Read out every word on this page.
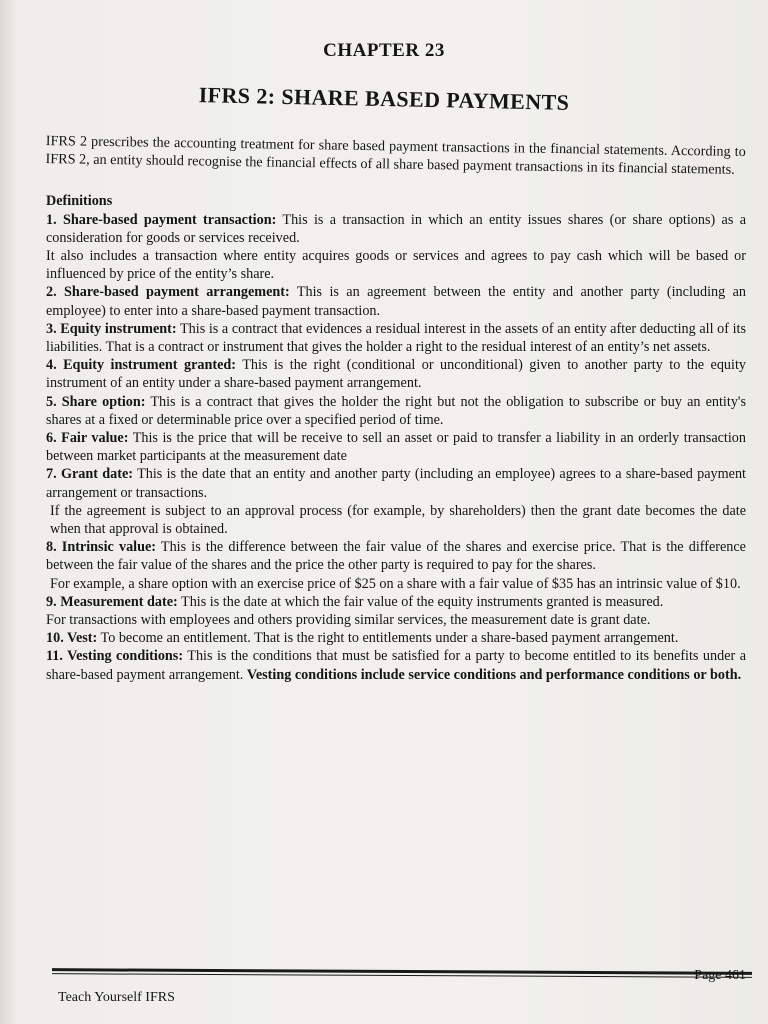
CHAPTER 23
IFRS 2: SHARE BASED PAYMENTS

IFRS 2 prescribes the accounting treatment for share based payment transactions in the financial statements. According to IFRS 2, an entity should recognise the financial effects of all share based payment transactions in its financial statements.

Definitions

1. Share-based payment transaction: This is a transaction in which an entity issues shares (or share options) as a consideration for goods or services received.

It also includes a transaction where entity acquires goods or services and agrees to pay cash which will be based or influenced by price of the entity’s share.

2. Share-based payment arrangement: This is an agreement between the entity and another party (including an employee) to enter into a share-based payment transaction.

3. Equity instrument: This is a contract that evidences a residual interest in the assets of an entity after deducting all of its liabilities. That is a contract or instrument that gives the holder a right to the residual interest of an entity’s net assets.

4. Equity instrument granted: This is the right (conditional or unconditional) given to another party to the equity instrument of an entity under a share-based payment arrangement.

5. Share option: This is a contract that gives the holder the right but not the obligation to subscribe or buy an entity's shares at a fixed or determinable price over a specified period of time.

6. Fair value: This is the price that will be receive to sell an asset or paid to transfer a liability in an orderly transaction between market participants at the measurement date

7. Grant date: This is the date that an entity and another party (including an employee) agrees to a share-based payment arrangement or transactions.

If the agreement is subject to an approval process (for example, by shareholders) then the grant date becomes the date when that approval is obtained.

8. Intrinsic value: This is the difference between the fair value of the shares and exercise price. That is the difference between the fair value of the shares and the price the other party is required to pay for the shares.

For example, a share option with an exercise price of $25 on a share with a fair value of $35 has an intrinsic value of $10.

9. Measurement date: This is the date at which the fair value of the equity instruments granted is measured.

For transactions with employees and others providing similar services, the measurement date is grant date.

10. Vest: To become an entitlement. That is the right to entitlements under a share-based payment arrangement.

11. Vesting conditions: This is the conditions that must be satisfied for a party to become entitled to its benefits under a share-based payment arrangement. Vesting conditions include service conditions and performance conditions or both.

Page 461
Teach Yourself IFRS
